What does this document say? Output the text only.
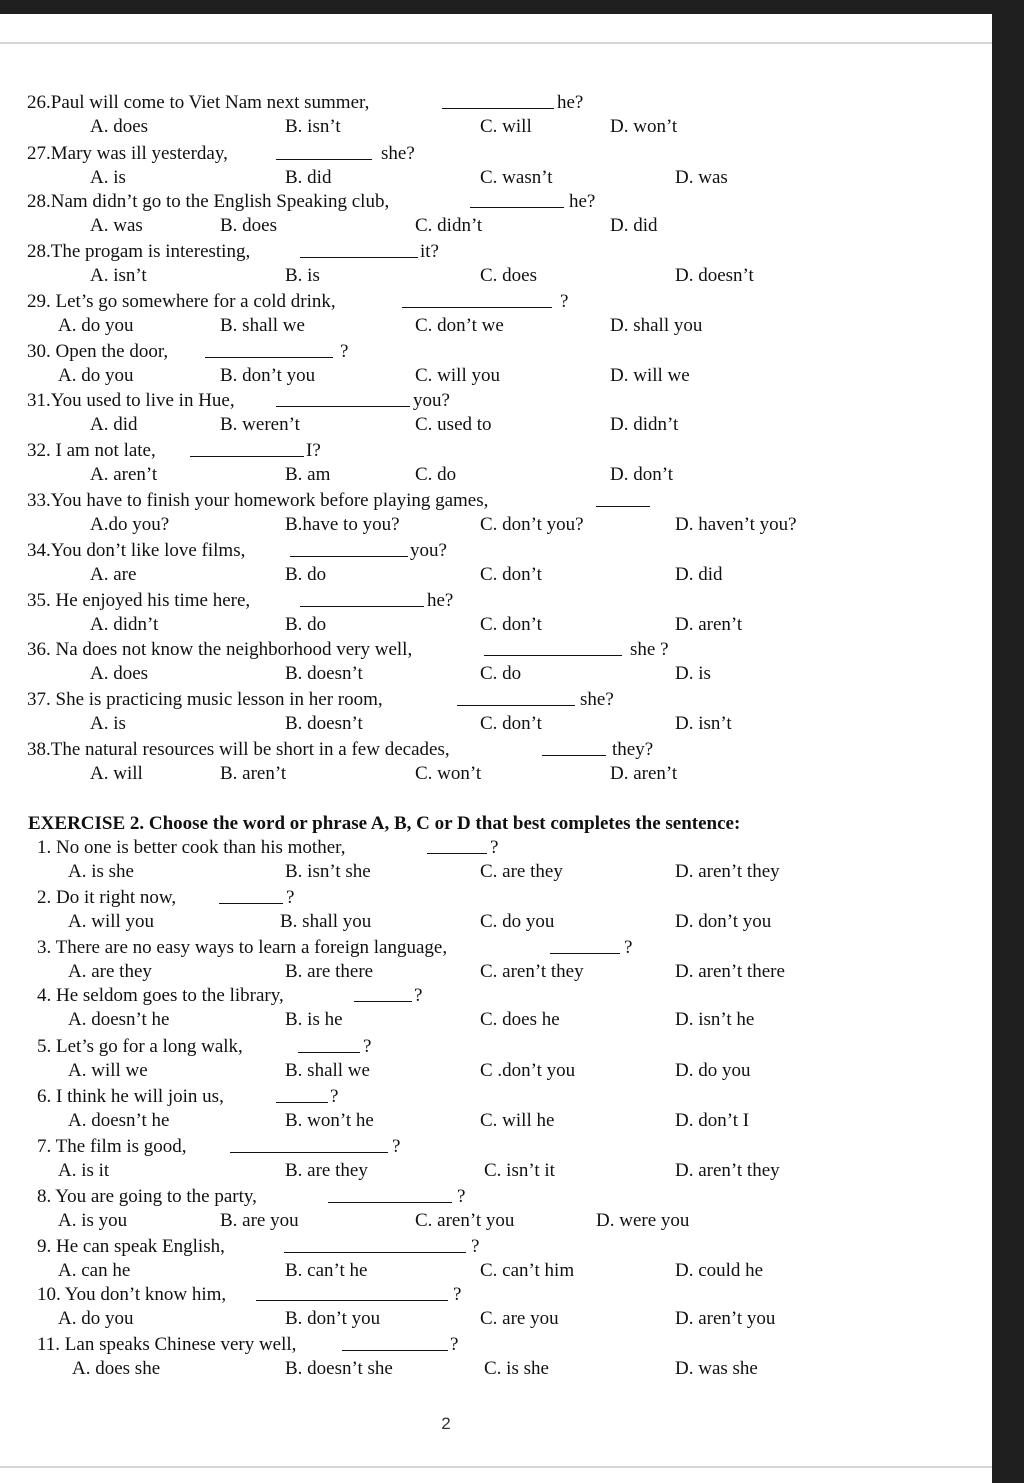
26.Paul will come to Viet Nam next summer,	he?
A. does	B. isn’t	C. will	D. won’t
27.Mary was ill yesterday,	she?
A. is	B. did	C. wasn’t	D. was
28.Nam didn’t go to the English Speaking club,	he?
A. was	B. does	C. didn’t	D. did
28.The progam is interesting,	it?
A. isn’t	B. is	C. does	D. doesn’t
29. Let’s go somewhere for a cold drink,	?
A. do you	B. shall we	C. don’t we	D. shall you
30. Open the door,	?
A. do you	B. don’t you	C. will you	D. will we
31.You used to live in Hue,	you?
A. did	B. weren’t	C. used to	D. didn’t
32. I am not late,	I?
A. aren’t	B. am	C. do	D. don’t
33.You have to finish your homework before playing games,
A.do you?	B.have to you?	C. don’t you?	D. haven’t you?
34.You don’t like love films,	you?
A. are	B. do	C. don’t	D. did
35. He enjoyed his time here,	he?
A. didn’t	B. do	C. don’t	D. aren’t
36. Na does not know the neighborhood very well,	she ?
A. does	B. doesn’t	C. do	D. is
37. She is practicing music lesson in her room,	she?
A. is	B. doesn’t	C. don’t	D. isn’t
38.The natural resources will be short in a few decades,	they?
A. will	B. aren’t	C. won’t	D. aren’t
1. No one is better cook than his mother,	?
A. is she	B. isn’t she	C. are they	D. aren’t they
2. Do it right now,	?
A. will you	B. shall you	C. do you	D. don’t you
3. There are no easy ways to learn a foreign language,	?
A. are they	B. are there	C. aren’t they	D. aren’t there
4. He seldom goes to the library,	?
A. doesn’t he	B. is he	C. does he	D. isn’t he
5. Let’s go for a long walk,	?
A. will we	B. shall we	C .don’t you	D. do you
6. I think he will join us,	?
A. doesn’t he	B. won’t he	C. will he	D. don’t I
7. The film is good,	?
A. is it	B. are they	C. isn’t it	D. aren’t they
8. You are going to the party,	?
A. is you	B. are you	C. aren’t you	D. were you
9. He can speak English,	?
A. can he	B. can’t he	C. can’t him	D. could he
10. You don’t know him,	?
A. do you	B. don’t you	C. are you	D. aren’t you
11. Lan speaks Chinese very well,	?
A. does she	B. doesn’t she	C. is she	D. was she
EXERCISE 2. Choose the word or phrase A, B, C or D that best completes the sentence:
2
